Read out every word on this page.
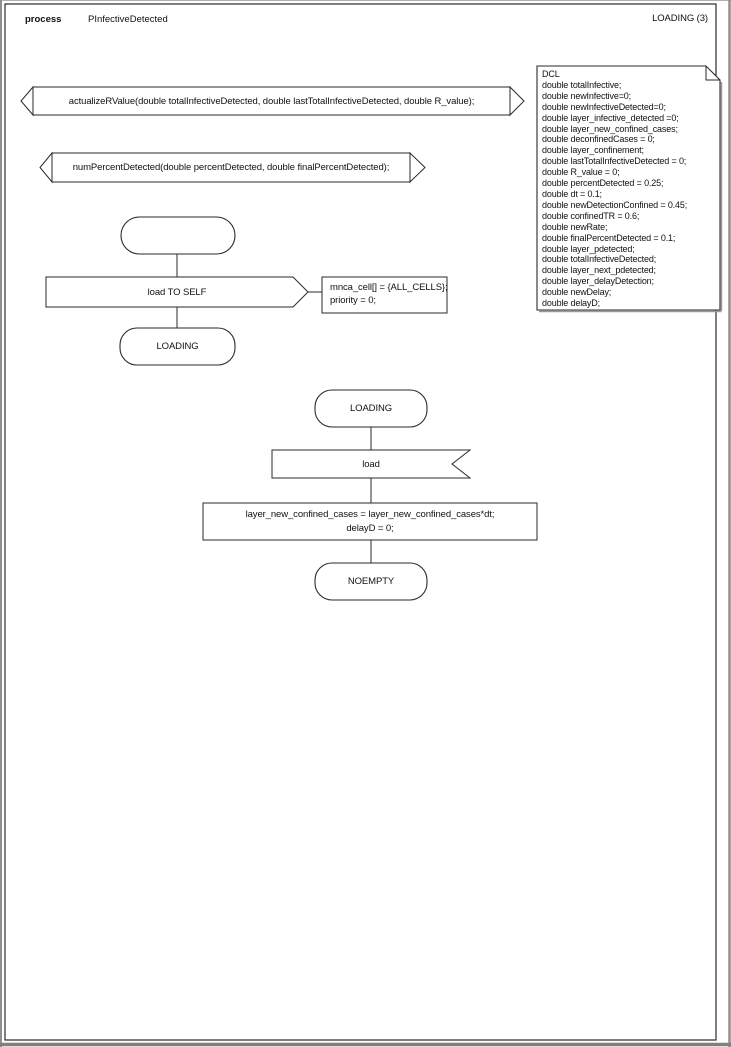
process	PInfectiveDetected	LOADING (3)
actualizeRValue(double totalInfectiveDetected, double lastTotalInfectiveDetected, double R_value);
numPercentDetected(double percentDetected, double finalPercentDetected);
load TO SELF	mnca_cell[] = {ALL_CELLS};
priority = 0;
LOADING
LOADING
load
layer_new_confined_cases = layer_new_confined_cases*dt;
delayD = 0;
NOEMPTY
DCL
double totalInfective;
double newInfective=0;
double newInfectiveDetected=0;
double layer_infective_detected =0;
double layer_new_confined_cases;
double deconfinedCases = 0;
double layer_confinement;
double lastTotalInfectiveDetected = 0;
double R_value = 0;
double percentDetected = 0.25;
double dt = 0.1;
double newDetectionConfined = 0.45;
double confinedTR = 0.6;
double newRate;
double finalPercentDetected = 0.1;
double layer_pdetected;
double totalInfectiveDetected;
double layer_next_pdetected;
double layer_delayDetection;
double newDelay;
double delayD;
